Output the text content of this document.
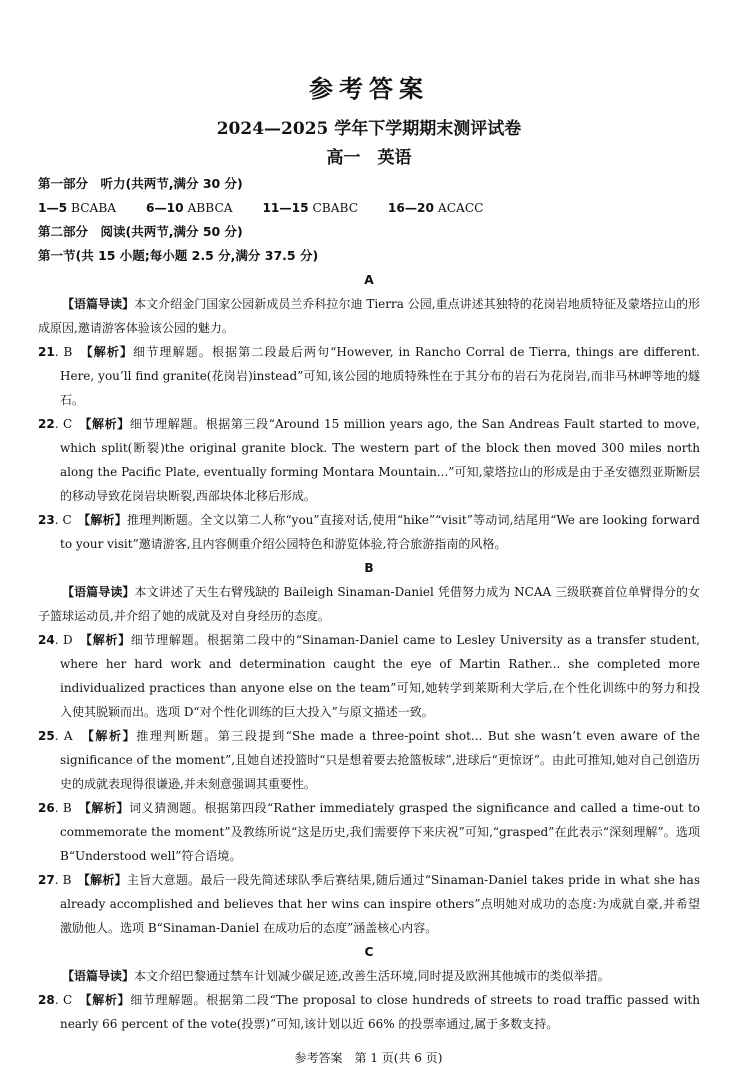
参考答案
2024—2025 学年下学期期末测评试卷
高一　英语
第一部分　听力(共两节,满分 30 分)
1—5 BCABA 6—10 ABBCA 11—15 CBABC 16—20 ACACC
第二部分　阅读(共两节,满分 50 分)
第一节(共 15 小题;每小题 2.5 分,满分 37.5 分)
A
【语篇导读】本文介绍金门国家公园新成员兰乔科拉尔迪 Tierra 公园,重点讲述其独特的花岗岩地质特征及蒙塔拉山的形成原因,邀请游客体验该公园的魅力。
21. B　 【解析】细节理解题。根据第二段最后两句“However, in Rancho Corral de Tierra, things are different. Here, you’ll find granite(花岗岩)instead”可知,该公园的地质特殊性在于其分布的岩石为花岗岩,而非马林岬等地的燧石。
22. C　 【解析】细节理解题。根据第三段“Around 15 million years ago, the San Andreas Fault started to move, which split(断裂)the original granite block. The western part of the block then moved 300 miles north along the Pacific Plate, eventually forming Montara Mountain...”可知,蒙塔拉山的形成是由于圣安德烈亚斯断层的移动导致花岗岩块断裂,西部块体北移后形成。
23. C　 【解析】推理判断题。全文以第二人称“you”直接对话,使用“hike”“visit”等动词,结尾用“We are looking forward to your visit”邀请游客,且内容侧重介绍公园特色和游览体验,符合旅游指南的风格。
B
【语篇导读】本文讲述了天生右臂残缺的 Baileigh Sinaman-Daniel 凭借努力成为 NCAA 三级联赛首位单臂得分的女子篮球运动员,并介绍了她的成就及对自身经历的态度。
24. D　 【解析】细节理解题。根据第二段中的“Sinaman-Daniel came to Lesley University as a transfer student, where her hard work and determination caught the eye of Martin Rather... she completed more individualized practices than anyone else on the team”可知,她转学到莱斯利大学后,在个性化训练中的努力和投入使其脱颖而出。选项 D“对个性化训练的巨大投入”与原文描述一致。
25. A　 【解析】推理判断题。第三段提到“She made a three-point shot... But she wasn’t even aware of the significance of the moment”,且她自述投篮时“只是想着要去抢篮板球”,进球后“更惊讶”。由此可推知,她对自己创造历史的成就表现得很谦逊,并未刻意强调其重要性。
26. B　 【解析】词义猜测题。根据第四段“Rather immediately grasped the significance and called a time-out to commemorate the moment”及教练所说“这是历史,我们需要停下来庆祝”可知,“grasped”在此表示“深刻理解”。选项 B“Understood well”符合语境。
27. B　 【解析】主旨大意题。最后一段先简述球队季后赛结果,随后通过“Sinaman-Daniel takes pride in what she has already accomplished and believes that her wins can inspire others”点明她对成功的态度:为成就自豪,并希望激励他人。选项 B“Sinaman-Daniel 在成功后的态度”涵盖核心内容。
C
【语篇导读】本文介绍巴黎通过禁车计划减少碳足迹,改善生活环境,同时提及欧洲其他城市的类似举措。
28. C　 【解析】细节理解题。根据第二段“The proposal to close hundreds of streets to road traffic passed with nearly 66 percent of the vote(投票)”可知,该计划以近 66% 的投票率通过,属于多数支持。
参考答案　第 1 页(共 6 页)
